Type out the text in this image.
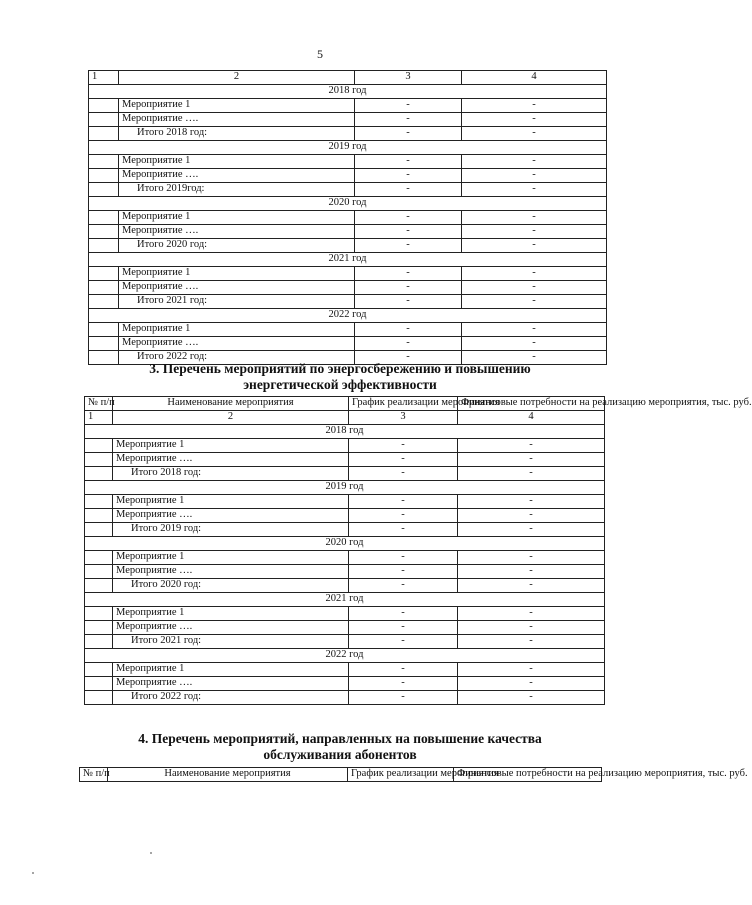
5
1	2	3	4
2018 год			
	Мероприятие 1	-	-
	Мероприятие ….	-	-
	Итого 2018 год:	-	-
2019 год			
	Мероприятие 1	-	-
	Мероприятие ….	-	-
	Итого 2019год:	-	-
2020 год			
	Мероприятие 1	-	-
	Мероприятие ….	-	-
	Итого 2020 год:	-	-
2021 год			
	Мероприятие 1	-	-
	Мероприятие ….	-	-
	Итого 2021 год:	-	-
2022 год			
	Мероприятие 1	-	-
	Мероприятие ….	-	-
	Итого 2022 год:	-	-
3. Перечень мероприятий по энергосбережению и повышению
энергетической эффективности
№ п/п	Наименование мероприятия	График реализации мероприятия	Финансовые потребности на реализацию мероприятия, тыс. руб.
1	2	3	4
2018 год			
	Мероприятие 1	-	-
	Мероприятие ….	-	-
	Итого 2018 год:	-	-
2019 год			
	Мероприятие 1	-	-
	Мероприятие ….	-	-
	Итого 2019 год:	-	-
2020 год			
	Мероприятие 1	-	-
	Мероприятие ….	-	-
	Итого 2020 год:	-	-
2021 год			
	Мероприятие 1	-	-
	Мероприятие ….	-	-
	Итого 2021 год:	-	-
2022 год			
	Мероприятие 1	-	-
	Мероприятие ….	-	-
	Итого 2022 год:	-	-
4. Перечень мероприятий, направленных на повышение качества
обслуживания абонентов
№ п/п	Наименование мероприятия	График реализации мероприятия	Финансовые потребности на реализацию мероприятия, тыс. руб.
